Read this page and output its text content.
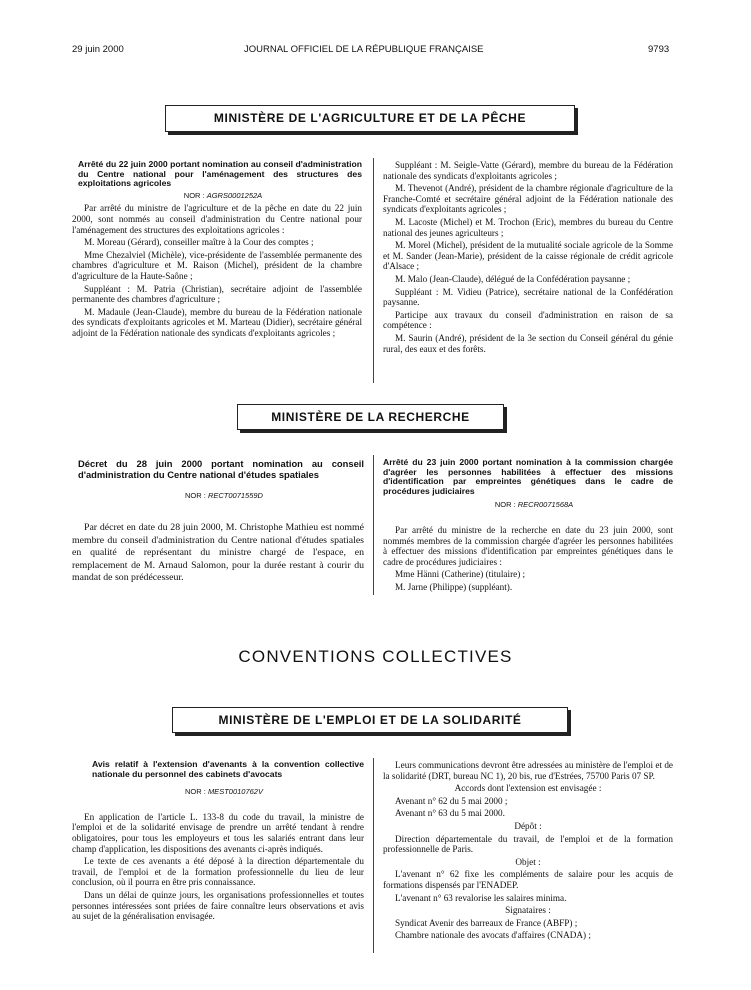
29 juin 2000	JOURNAL OFFICIEL DE LA RÉPUBLIQUE FRANÇAISE	9793
MINISTÈRE DE L'AGRICULTURE ET DE LA PÊCHE

Arrêté du 22 juin 2000 portant nomination au conseil d'administration du Centre national pour l'aménagement des structures des exploitations agricoles

NOR : AGRS0001252A

Par arrêté du ministre de l'agriculture et de la pêche en date du 22 juin 2000, sont nommés au conseil d'administration du Centre national pour l'aménagement des structures des exploitations agricoles :

M. Moreau (Gérard), conseiller maître à la Cour des comptes ;

Mme Chezalviel (Michèle), vice-présidente de l'assemblée permanente des chambres d'agriculture et M. Raison (Michel), président de la chambre d'agriculture de la Haute-Saône ;

Suppléant : M. Patria (Christian), secrétaire adjoint de l'assemblée permanente des chambres d'agriculture ;

M. Madaule (Jean-Claude), membre du bureau de la Fédération nationale des syndicats d'exploitants agricoles et M. Marteau (Didier), secrétaire général adjoint de la Fédération nationale des syndicats d'exploitants agricoles ;

Suppléant : M. Seigle-Vatte (Gérard), membre du bureau de la Fédération nationale des syndicats d'exploitants agricoles ;

M. Thevenot (André), président de la chambre régionale d'agriculture de la Franche-Comté et secrétaire général adjoint de la Fédération nationale des syndicats d'exploitants agricoles ;

M. Lacoste (Michel) et M. Trochon (Eric), membres du bureau du Centre national des jeunes agriculteurs ;

M. Morel (Michel), président de la mutualité sociale agricole de la Somme et M. Sander (Jean-Marie), président de la caisse régionale de crédit agricole d'Alsace ;

M. Malo (Jean-Claude), délégué de la Confédération paysanne ;

Suppléant : M. Vidieu (Patrice), secrétaire national de la Confédération paysanne.

Participe aux travaux du conseil d'administration en raison de sa compétence :

M. Saurin (André), président de la 3e section du Conseil général du génie rural, des eaux et des forêts.

MINISTÈRE DE LA RECHERCHE

Décret du 28 juin 2000 portant nomination au conseil d'administration du Centre national d'études spatiales

NOR : RECT0071559D

Par décret en date du 28 juin 2000, M. Christophe Mathieu est nommé membre du conseil d'administration du Centre national d'études spatiales en qualité de représentant du ministre chargé de l'espace, en remplacement de M. Arnaud Salomon, pour la durée restant à courir du mandat de son prédécesseur.

Arrêté du 23 juin 2000 portant nomination à la commission chargée d'agréer les personnes habilitées à effectuer des missions d'identification par empreintes génétiques dans le cadre de procédures judiciaires

NOR : RECR0071568A

Par arrêté du ministre de la recherche en date du 23 juin 2000, sont nommés membres de la commission chargée d'agréer les personnes habilitées à effectuer des missions d'identification par empreintes génétiques dans le cadre de procédures judiciaires :

Mme Hänni (Catherine) (titulaire) ;

M. Jarne (Philippe) (suppléant).

CONVENTIONS COLLECTIVES
MINISTÈRE DE L'EMPLOI ET DE LA SOLIDARITÉ

Avis relatif à l'extension d'avenants à la convention collective nationale du personnel des cabinets d'avocats

NOR : MEST0010762V

En application de l'article L. 133-8 du code du travail, la ministre de l'emploi et de la solidarité envisage de prendre un arrêté tendant à rendre obligatoires, pour tous les employeurs et tous les salariés entrant dans leur champ d'application, les dispositions des avenants ci-après indiqués.

Le texte de ces avenants a été déposé à la direction départementale du travail, de l'emploi et de la formation professionnelle du lieu de leur conclusion, où il pourra en être pris connaissance.

Dans un délai de quinze jours, les organisations professionnelles et toutes personnes intéressées sont priées de faire connaître leurs observations et avis au sujet de la généralisation envisagée.

Leurs communications devront être adressées au ministère de l'emploi et de la solidarité (DRT, bureau NC 1), 20 bis, rue d'Estrées, 75700 Paris 07 SP.

Accords dont l'extension est envisagée :

Avenant n° 62 du 5 mai 2000 ;

Avenant n° 63 du 5 mai 2000.

Dépôt :

Direction départementale du travail, de l'emploi et de la formation professionnelle de Paris.

Objet :

L'avenant n° 62 fixe les compléments de salaire pour les acquis de formations dispensés par l'ENADEP.

L'avenant n° 63 revalorise les salaires minima.

Signataires :

Syndicat Avenir des barreaux de France (ABFP) ;

Chambre nationale des avocats d'affaires (CNADA) ;
